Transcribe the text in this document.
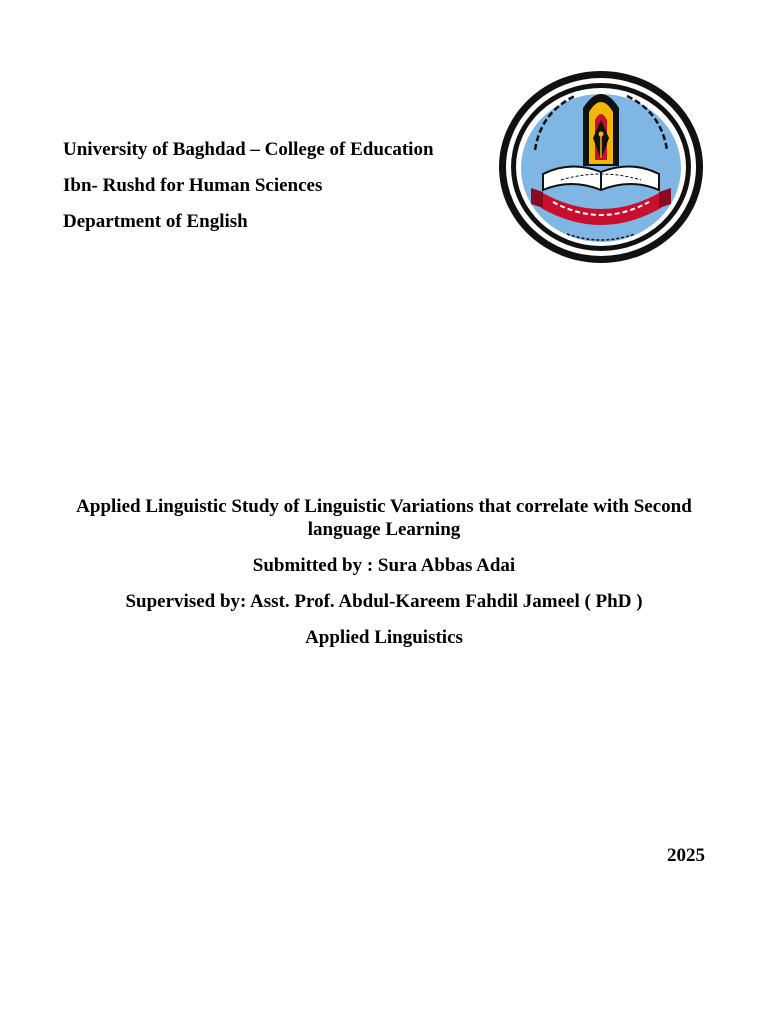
University of Baghdad – College of Education
Ibn- Rushd for Human Sciences
Department of English
Applied Linguistic Study of Linguistic Variations that correlate with Second language Learning
Submitted by : Sura Abbas Adai
Supervised by: Asst. Prof. Abdul-Kareem Fahdil Jameel ( PhD )
Applied Linguistics
2025
